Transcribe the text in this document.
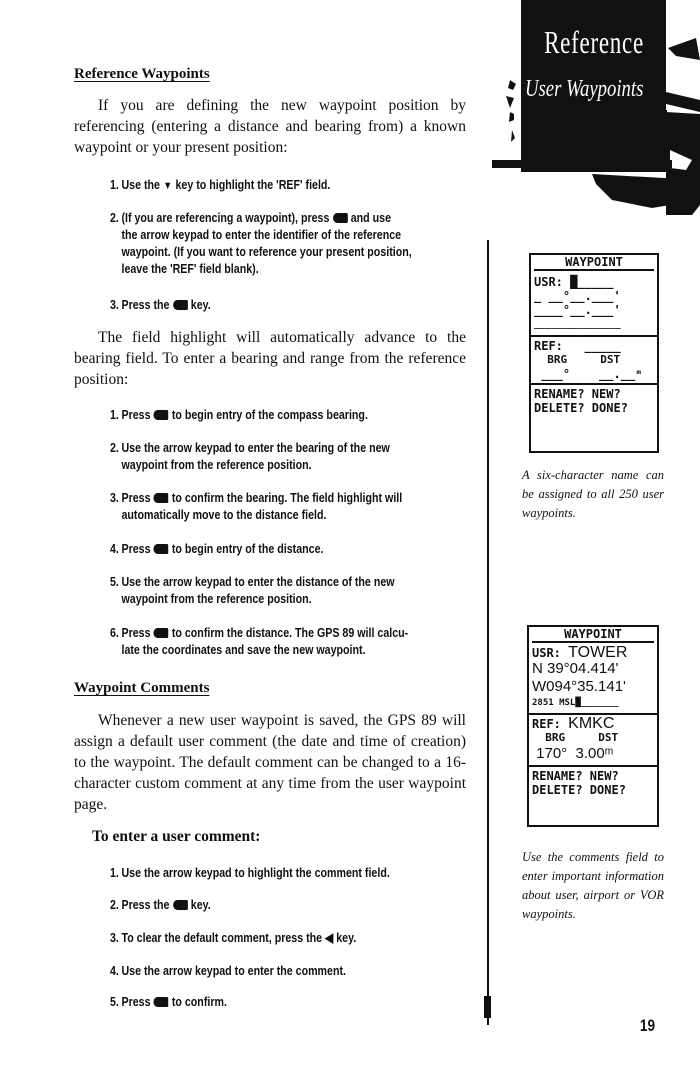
Reference
User Waypoints
Reference Waypoints
If you are defining the new waypoint position by referencing (entering a distance and bearing from) a known waypoint or your present position:
1. Use the ▼ key to highlight the 'REF' field.
2. (If you are referencing a waypoint), press and use
the arrow keypad to enter the identifier of the reference
waypoint. (If you want to reference your present position,
leave the 'REF' field blank).
3. Press the key.
The field highlight will automatically advance to the bearing field. To enter a bearing and range from the reference position:
1. Press to begin entry of the compass bearing.
2. Use the arrow keypad to enter the bearing of the new
waypoint from the reference position.
3. Press to confirm the bearing. The field highlight will
automatically move to the distance field.
4. Press to begin entry of the distance.
5. Use the arrow keypad to enter the distance of the new
waypoint from the reference position.
6. Press to confirm the distance. The GPS 89 will calcu-
late the coordinates and save the new waypoint.
Waypoint Comments
Whenever a new user waypoint is saved, the GPS 89 will assign a default user comment (the date and time of creation) to the waypoint. The default comment can be changed to a 16-character custom comment at any time from the user waypoint page.
To enter a user comment:
1. Use the arrow keypad to highlight the comment field.
2. Press the key.
3. To clear the default comment, press the ◀ key.
4. Use the arrow keypad to enter the comment.
5. Press to confirm.
WAYPOINT
USR: █_____
_ __°__.___'
____°__.___'
________________
REF: _____
BRG	DST
___° __.__ᵐ
RENAME? NEW?
DELETE? DONE?
A six-character name can be assigned to all 250 user waypoints.
WAYPOINT
USR: TOWER
N 39°04.414'
W094°35.141'
2851 MSL█_______
REF: KMKC
BRG	DST
170° 3.00ᵐ
RENAME? NEW?
DELETE? DONE?
Use the comments field to enter important information about user, airport or VOR waypoints.
19
